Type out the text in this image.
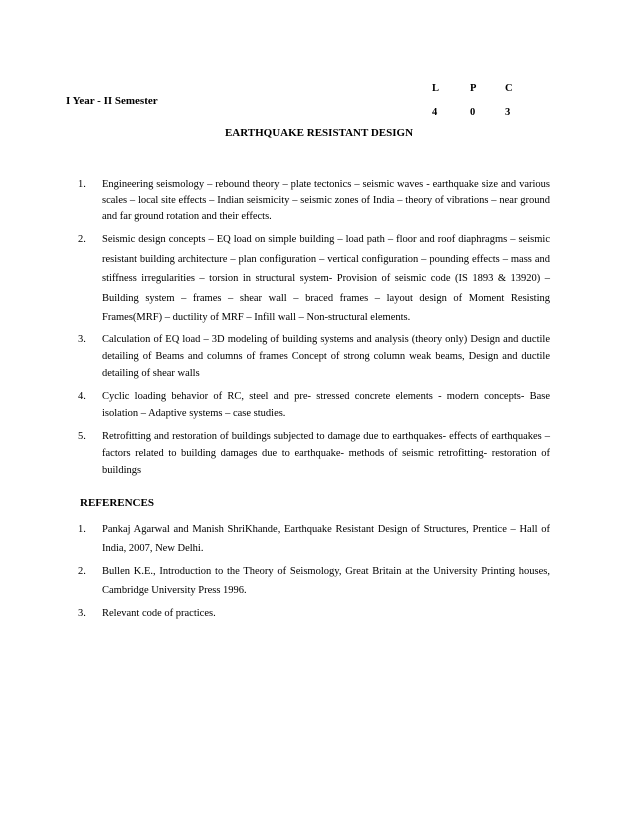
L	P	C
4	0	3
I Year - II Semester
EARTHQUAKE RESISTANT DESIGN
1. Engineering seismology – rebound theory – plate tectonics – seismic waves - earthquake size and various scales – local site effects – Indian seismicity – seismic zones of India – theory of vibrations – near ground and far ground rotation and their effects.
2. Seismic design concepts – EQ load on simple building – load path – floor and roof diaphragms – seismic resistant building architecture – plan configuration – vertical configuration – pounding effects – mass and stiffness irregularities – torsion in structural system- Provision of seismic code (IS 1893 & 13920) – Building system – frames – shear wall – braced frames – layout design of Moment Resisting Frames(MRF) – ductility of MRF – Infill wall – Non-structural elements.
3. Calculation of EQ load – 3D modeling of building systems and analysis (theory only) Design and ductile detailing of Beams and columns of frames Concept of strong column weak beams, Design and ductile detailing of shear walls
4. Cyclic loading behavior of RC, steel and pre- stressed concrete elements - modern concepts- Base isolation – Adaptive systems – case studies.
5. Retrofitting and restoration of buildings subjected to damage due to earthquakes- effects of earthquakes – factors related to building damages due to earthquake- methods of seismic retrofitting- restoration of buildings
REFERENCES
1. Pankaj Agarwal and Manish ShriKhande, Earthquake Resistant Design of Structures, Prentice – Hall of India, 2007, New Delhi.
2. Bullen K.E., Introduction to the Theory of Seismology, Great Britain at the University Printing houses, Cambridge University Press 1996.
3. Relevant code of practices.
